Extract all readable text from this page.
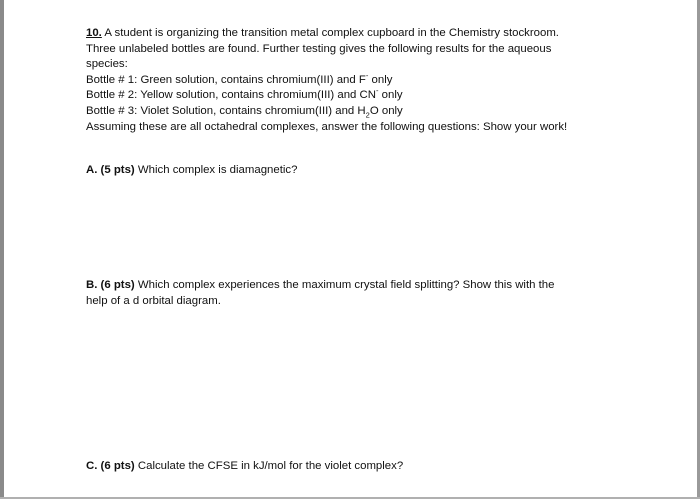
10. A student is organizing the transition metal complex cupboard in the Chemistry stockroom.
Three unlabeled bottles are found. Further testing gives the following results for the aqueous
species:
Bottle # 1: Green solution, contains chromium(III) and F- only
Bottle # 2: Yellow solution, contains chromium(III) and CN- only
Bottle # 3: Violet Solution, contains chromium(III) and $H_2O$ only
Assuming these are all octahedral complexes, answer the following questions: Show your work!
A. (5 pts) Which complex is diamagnetic?
B. (6 pts) Which complex experiences the maximum crystal field splitting? Show this with the
help of a d orbital diagram.
C. (6 pts) Calculate the CFSE in kJ/mol for the violet complex?
